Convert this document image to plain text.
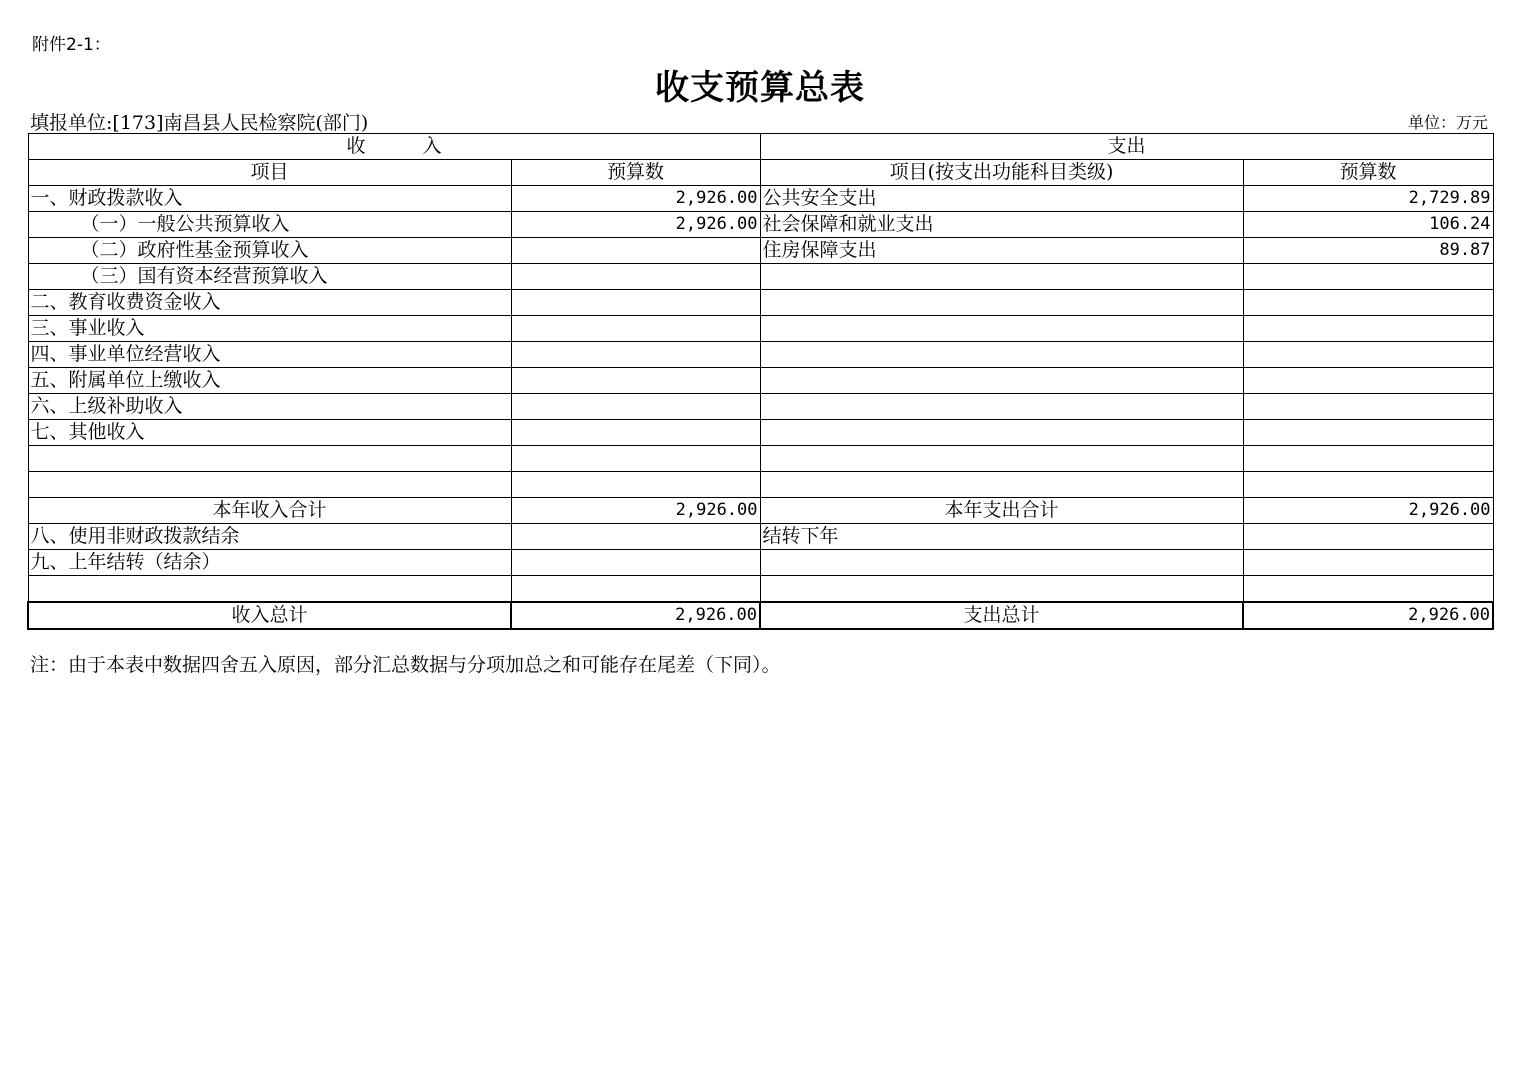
附件2-1：
收支预算总表
填报单位:[173]南昌县人民检察院(部门)	单位：万元
收　　　入		支出	
项目	预算数	项目(按支出功能科目类级)	预算数
一、财政拨款收入	2,926.00	公共安全支出	2,729.89
（一）一般公共预算收入	2,926.00	社会保障和就业支出	106.24
（二）政府性基金预算收入		住房保障支出	89.87
（三）国有资本经营预算收入			
二、教育收费资金收入			
三、事业收入			
四、事业单位经营收入			
五、附属单位上缴收入			
六、上级补助收入			
七、其他收入			

本年收入合计	2,926.00	本年支出合计	2,926.00
八、使用非财政拨款结余		结转下年	
九、上年结转（结余）			

收入总计	2,926.00	支出总计	2,926.00
注：由于本表中数据四舍五入原因，部分汇总数据与分项加总之和可能存在尾差（下同）。
